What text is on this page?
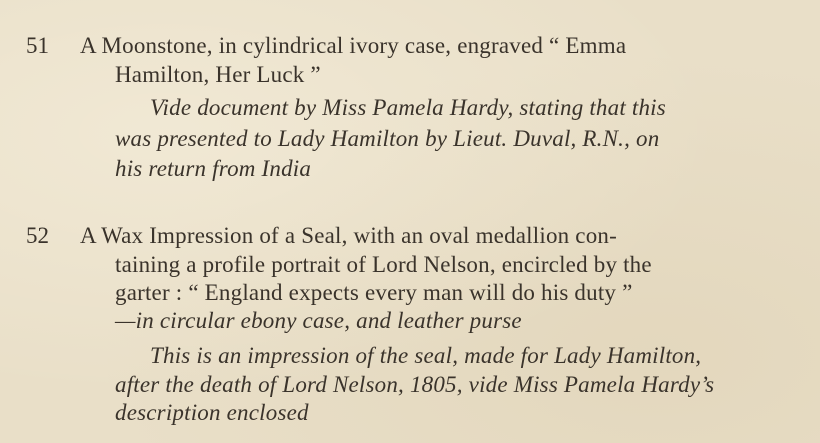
51 A Moonstone, in cylindrical ivory case, engraved “ Emma
Hamilton, Her Luck ”
Vide document by Miss Pamela Hardy, stating that this
was presented to Lady Hamilton by Lieut. Duval, R.N., on
his return from India
52 A Wax Impression of a Seal, with an oval medallion con-
taining a profile portrait of Lord Nelson, encircled by the
garter : “ England expects every man will do his duty ”
—in circular ebony case, and leather purse
This is an impression of the seal, made for Lady Hamilton,
after the death of Lord Nelson, 1805, vide Miss Pamela Hardy’s
description enclosed
